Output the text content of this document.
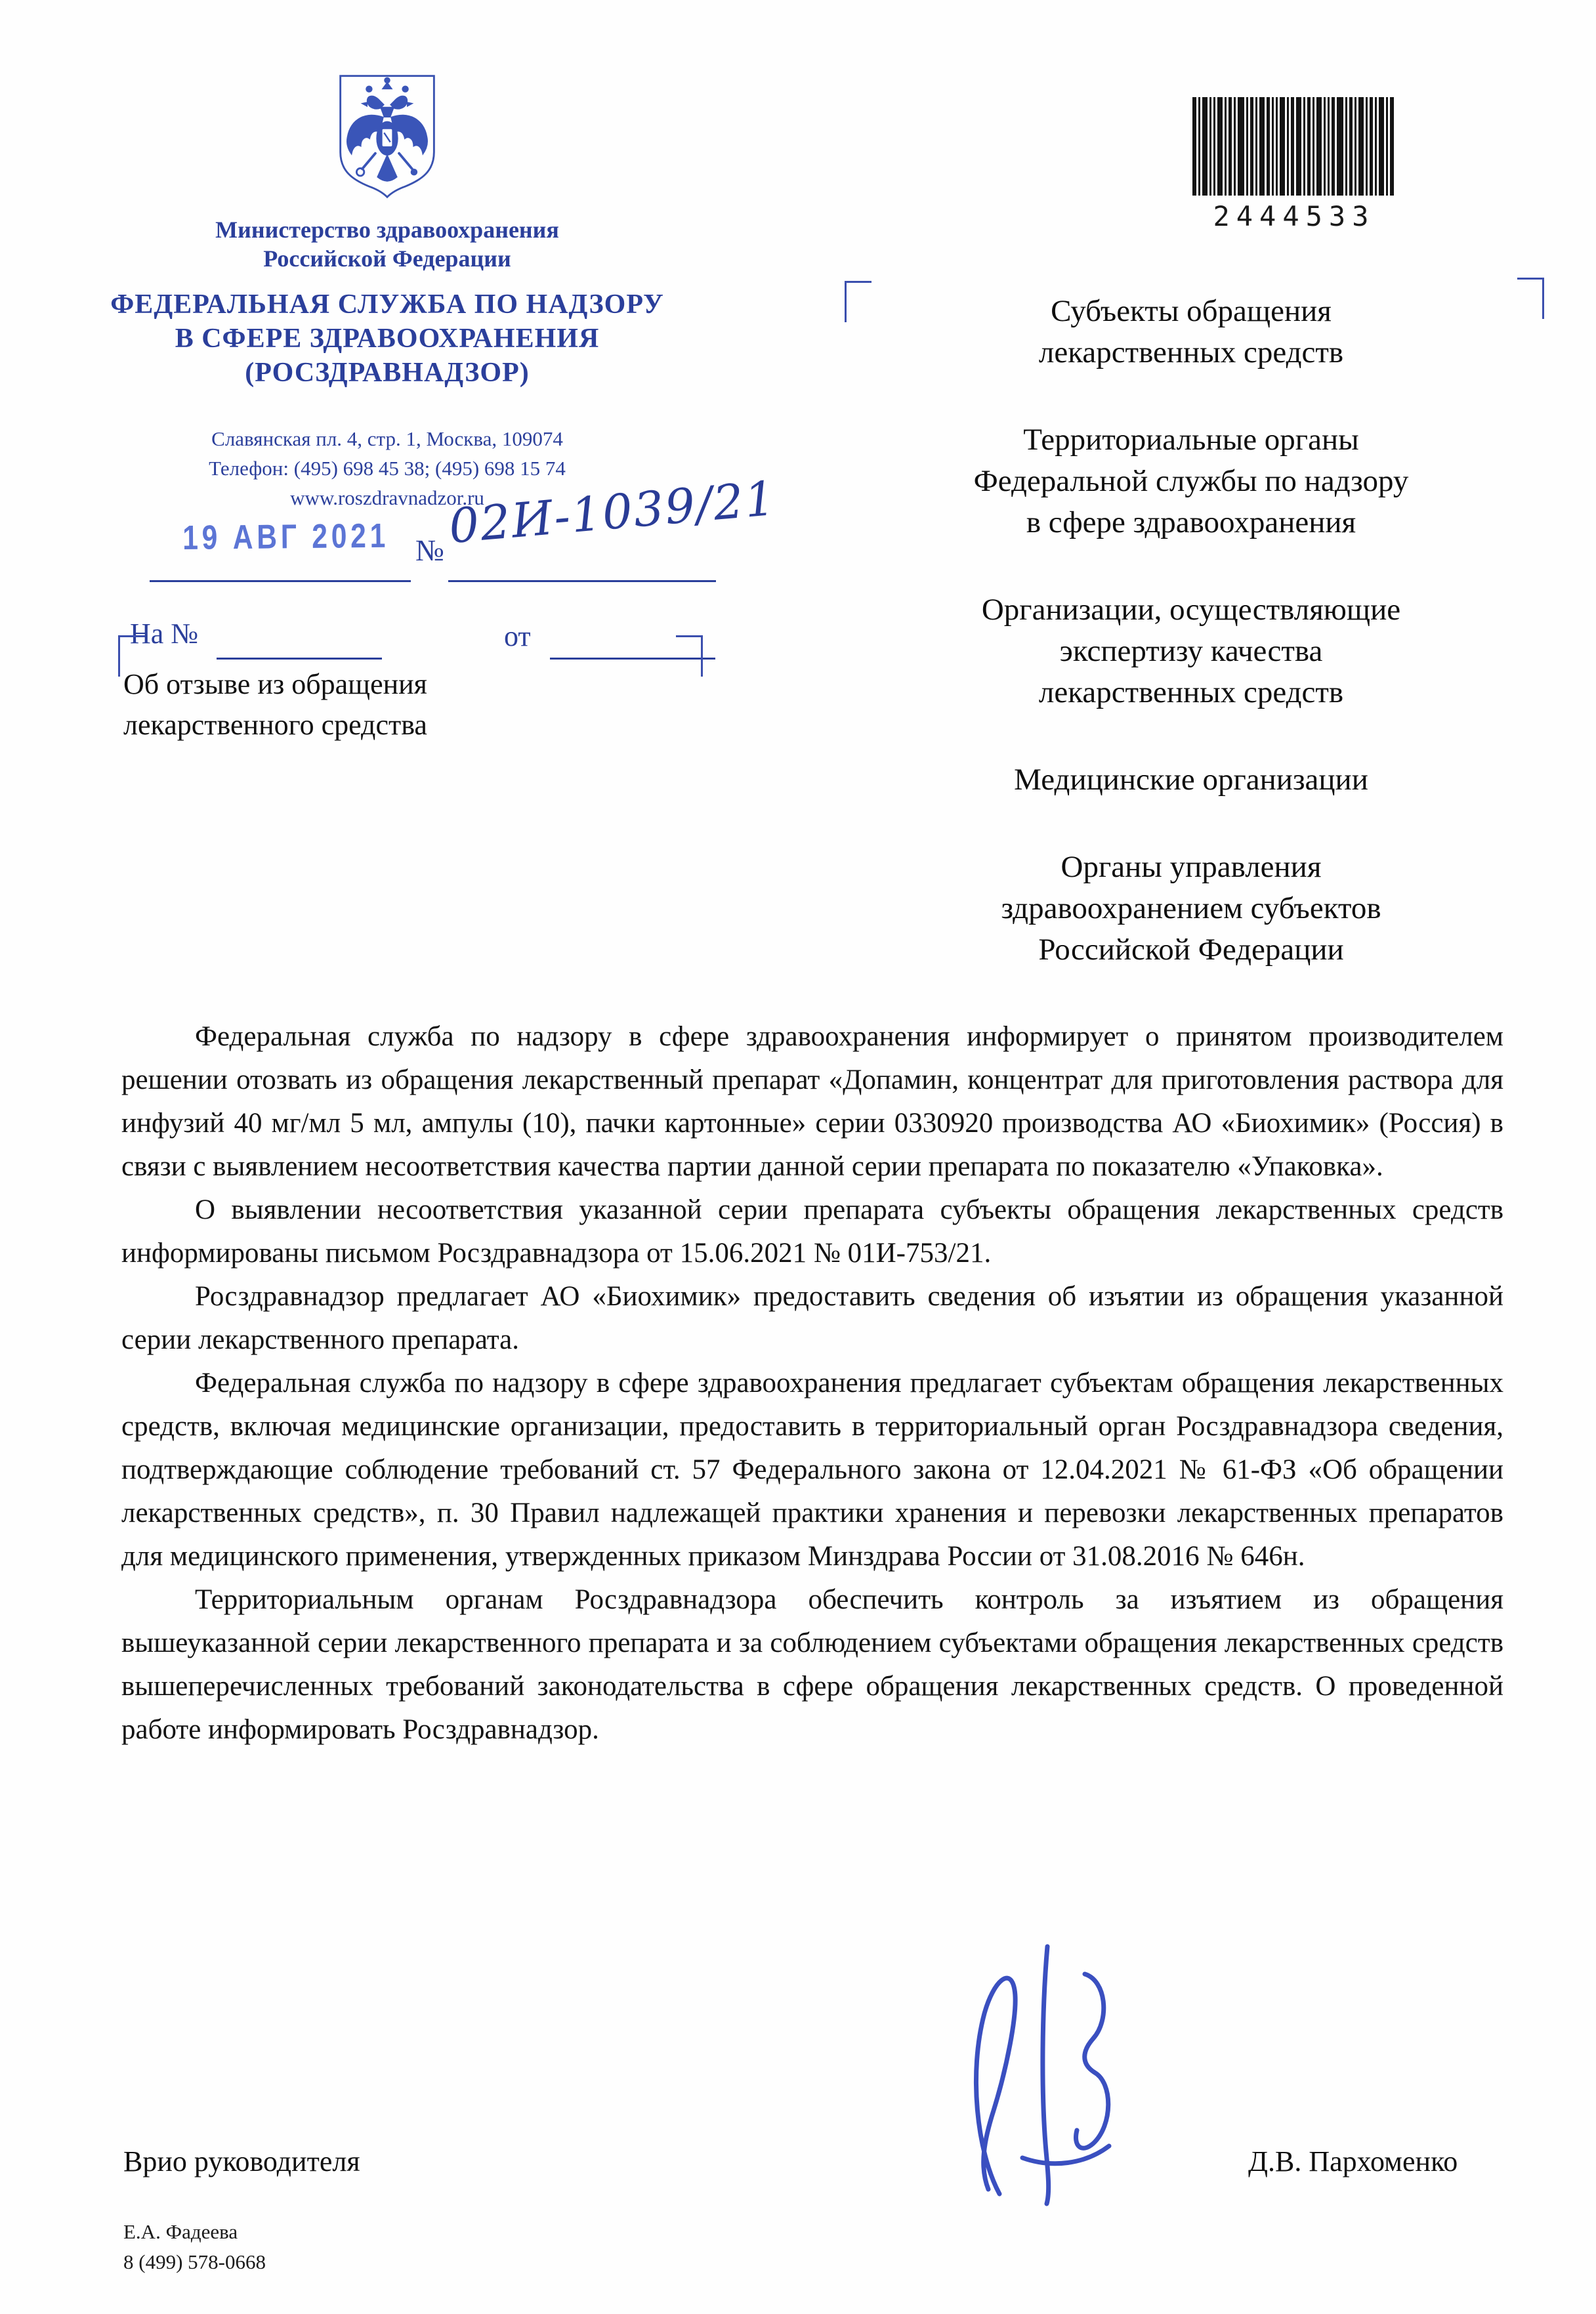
Министерство здравоохранения
Российской Федерации
ФЕДЕРАЛЬНАЯ СЛУЖБА ПО НАДЗОРУ
В СФЕРЕ ЗДРАВООХРАНЕНИЯ
(РОСЗДРАВНАДЗОР)
Славянская пл. 4, стр. 1, Москва, 109074
Телефон: (495) 698 45 38; (495) 698 15 74
www.roszdravnadzor.ru
19 АВГ 2021 № 02И-1039/21
На №	от
Об отзыве из обращения
лекарственного средства
2444533
Субъекты обращения
лекарственных средств
Территориальные органы
Федеральной службы по надзору
в сфере здравоохранения
Организации, осуществляющие
экспертизу качества
лекарственных средств
Медицинские организации
Органы управления
здравоохранением субъектов
Российской Федерации

Федеральная служба по надзору в сфере здравоохранения информирует о принятом производителем решении отозвать из обращения лекарственный препарат «Допамин, концентрат для приготовления раствора для инфузий 40 мг/мл 5 мл, ампулы (10), пачки картонные» серии 0330920 производства АО «Биохимик» (Россия) в связи с выявлением несоответствия качества партии данной серии препарата по показателю «Упаковка».

О выявлении несоответствия указанной серии препарата субъекты обращения лекарственных средств информированы письмом Росздравнадзора от 15.06.2021 № 01И-753/21.

Росздравнадзор предлагает АО «Биохимик» предоставить сведения об изъятии из обращения указанной серии лекарственного препарата.

Федеральная служба по надзору в сфере здравоохранения предлагает субъектам обращения лекарственных средств, включая медицинские организации, предоставить в территориальный орган Росздравнадзора сведения, подтверждающие соблюдение требований ст. 57 Федерального закона от 12.04.2021 № 61-ФЗ «Об обращении лекарственных средств», п. 30 Правил надлежащей практики хранения и перевозки лекарственных препаратов для медицинского применения, утвержденных приказом Минздрава России от 31.08.2016 № 646н.

Территориальным органам Росздравнадзора обеспечить контроль за изъятием из обращения вышеуказанной серии лекарственного препарата и за соблюдением субъектами обращения лекарственных средств вышеперечисленных требований законодательства в сфере обращения лекарственных средств. О проведенной работе информировать Росздравнадзор.

Врио руководителя	Д.В. Пархоменко
Е.А. Фадеева
8 (499) 578-0668
